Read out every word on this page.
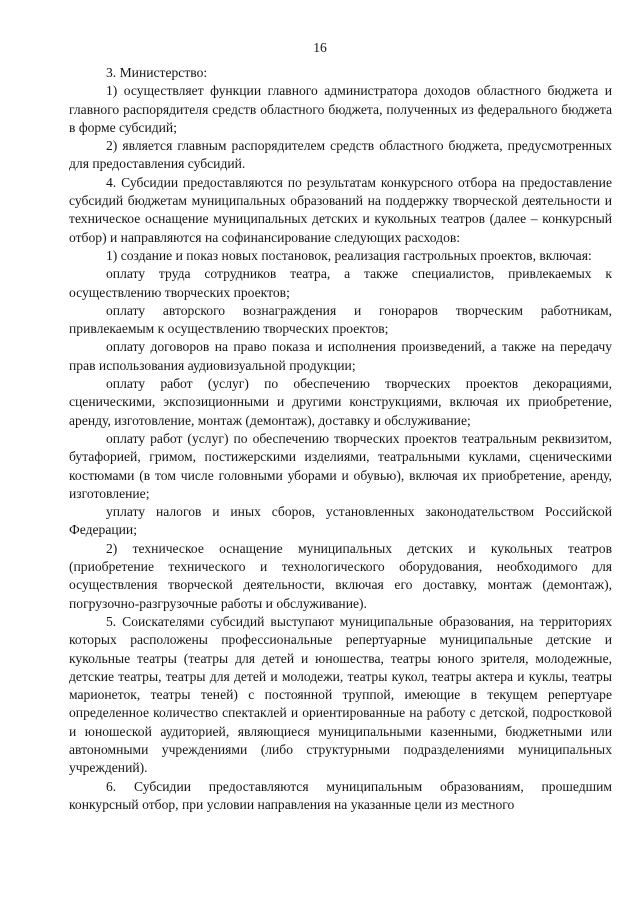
16

3. Министерство:

1) осуществляет функции главного администратора доходов областного бюджета и главного распорядителя средств областного бюджета, полученных из федерального бюджета в форме субсидий;

2) является главным распорядителем средств областного бюджета, предусмотренных для предоставления субсидий.

4. Субсидии предоставляются по результатам конкурсного отбора на предоставление субсидий бюджетам муниципальных образований на поддержку творческой деятельности и техническое оснащение муниципальных детских и кукольных театров (далее – конкурсный отбор) и направляются на софинансирование следующих расходов:

1) создание и показ новых постановок, реализация гастрольных проектов, включая:

оплату труда сотрудников театра, а также специалистов, привлекаемых к осуществлению творческих проектов;

оплату авторского вознаграждения и гонораров творческим работникам, привлекаемым к осуществлению творческих проектов;

оплату договоров на право показа и исполнения произведений, а также на передачу прав использования аудиовизуальной продукции;

оплату работ (услуг) по обеспечению творческих проектов декорациями, сценическими, экспозиционными и другими конструкциями, включая их приобретение, аренду, изготовление, монтаж (демонтаж), доставку и обслуживание;

оплату работ (услуг) по обеспечению творческих проектов театральным реквизитом, бутафорией, гримом, постижерскими изделиями, театральными куклами, сценическими костюмами (в том числе головными уборами и обувью), включая их приобретение, аренду, изготовление;

уплату налогов и иных сборов, установленных законодательством Российской Федерации;

2) техническое оснащение муниципальных детских и кукольных театров (приобретение технического и технологического оборудования, необходимого для осуществления творческой деятельности, включая его доставку, монтаж (демонтаж), погрузочно-разгрузочные работы и обслуживание).

5. Соискателями субсидий выступают муниципальные образования, на территориях которых расположены профессиональные репертуарные муниципальные детские и кукольные театры (театры для детей и юношества, театры юного зрителя, молодежные, детские театры, театры для детей и молодежи, театры кукол, театры актера и куклы, театры марионеток, театры теней) с постоянной труппой, имеющие в текущем репертуаре определенное количество спектаклей и ориентированные на работу с детской, подростковой и юношеской аудиторией, являющиеся муниципальными казенными, бюджетными или автономными учреждениями (либо структурными подразделениями муниципальных учреждений).

6. Субсидии предоставляются муниципальным образованиям, прошедшим конкурсный отбор, при условии направления на указанные цели из местного
